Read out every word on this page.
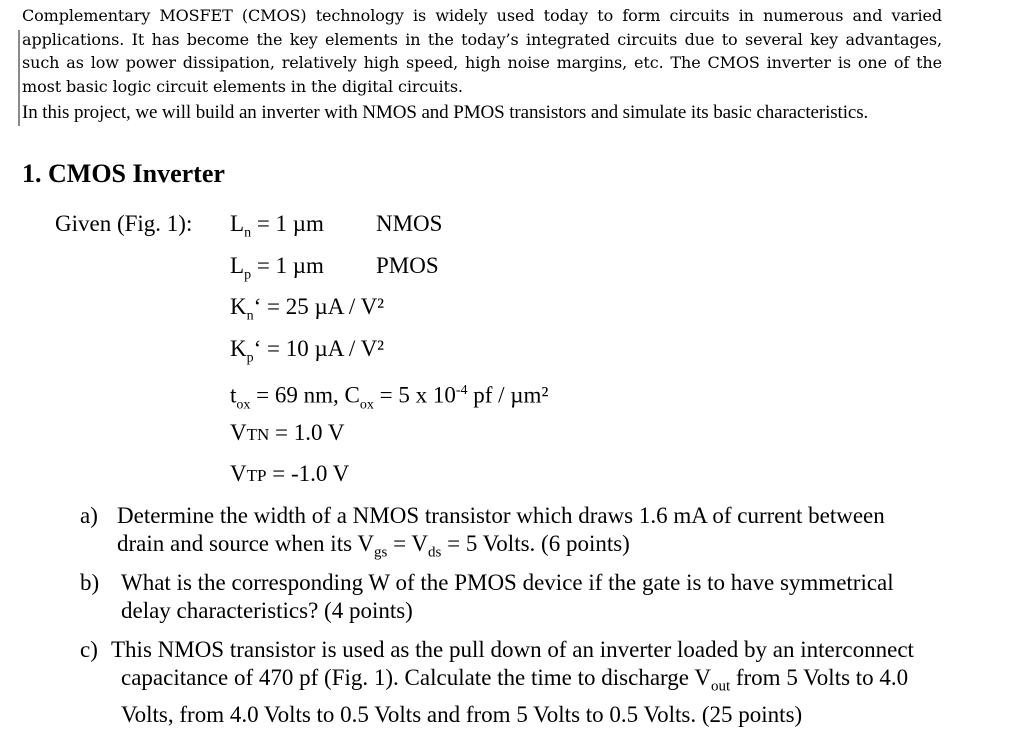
Complementary MOSFET (CMOS) technology is widely used today to form circuits in numerous and varied applications. It has become the key elements in the today’s integrated circuits due to several key advantages, such as low power dissipation, relatively high speed, high noise margins, etc. The CMOS inverter is one of the most basic logic circuit elements in the digital circuits.
In this project, we will build an inverter with NMOS and PMOS transistors and simulate its basic characteristics.
1. CMOS Inverter
Given (Fig. 1): $L_n = 1$ µm NMOS
$L_p = 1$ µm PMOS
$K_n‘ = 25$ µA / V²
$K_p‘ = 10$ µA / V²
$t_{ox} = 69$ nm, $C_{ox} = 5$ x $10^{-4}$ pf / µm²
VTN = 1.0 V
VTP = -1.0 V
a) Determine the width of a NMOS transistor which draws 1.6 mA of current between
drain and source when its $V_{gs} = V_{ds} = 5$ Volts. (6 points)
b) What is the corresponding W of the PMOS device if the gate is to have symmetrical
delay characteristics? (4 points)
c) This NMOS transistor is used as the pull down of an inverter loaded by an interconnect
capacitance of 470 pf (Fig. 1). Calculate the time to discharge $V_{out}$ from 5 Volts to 4.0
Volts, from 4.0 Volts to 0.5 Volts and from 5 Volts to 0.5 Volts. (25 points)
